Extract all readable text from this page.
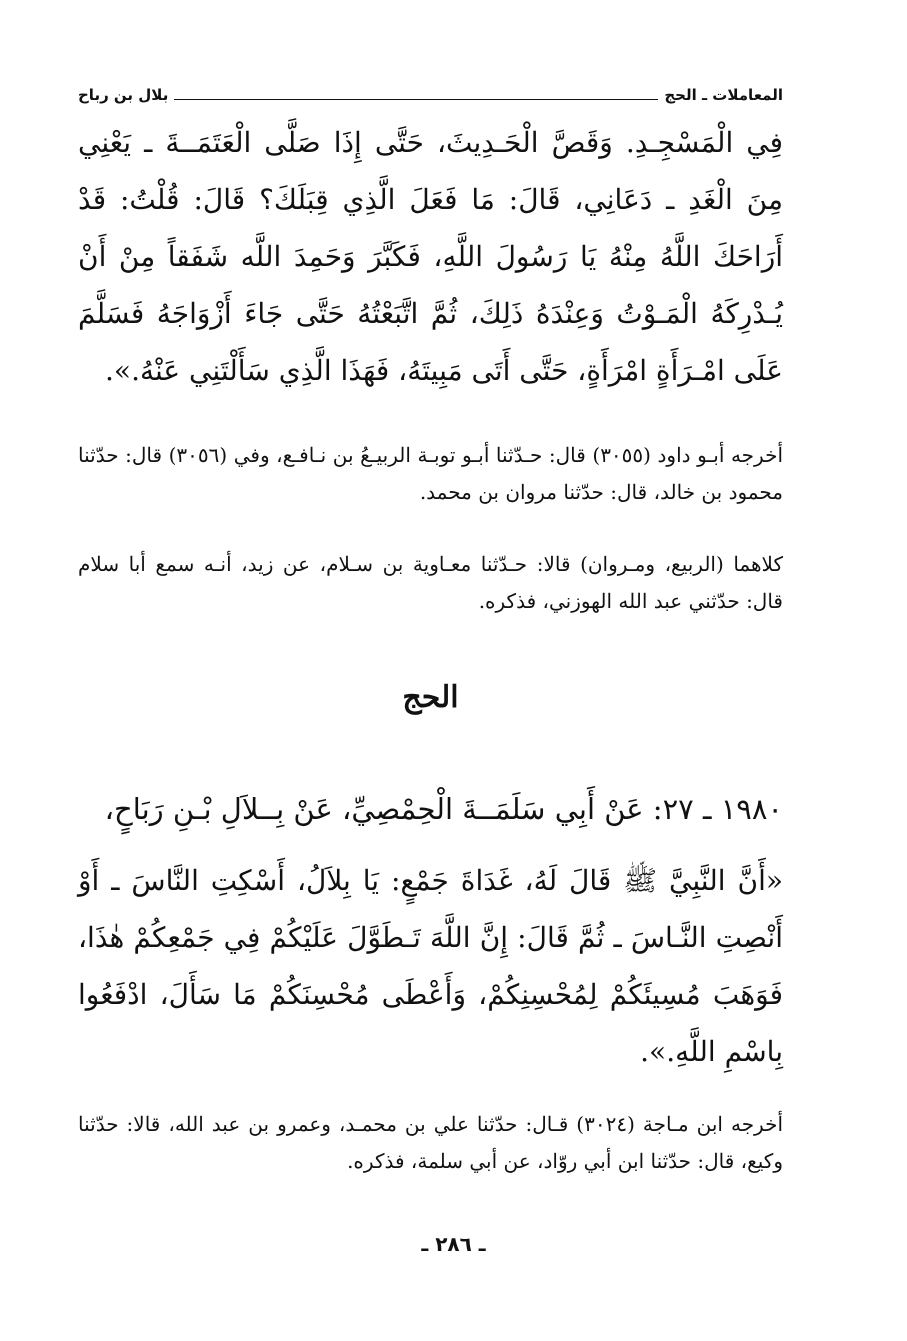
المعاملات ـ الحج
بلال بن رباح

فِي الْمَسْجِـدِ. وَقَصَّ الْحَـدِيثَ، حَتَّى إِذَا صَلَّى الْعَتَمَــةَ ـ يَعْنِي مِنَ الْغَدِ ـ دَعَانِي، قَالَ: مَا فَعَلَ الَّذِي قِبَلَكَ؟ قَالَ: قُلْتُ: قَدْ أَرَاحَكَ اللَّهُ مِنْهُ يَا رَسُولَ اللَّهِ، فَكَبَّرَ وَحَمِدَ اللَّه شَفَقاً مِنْ أَنْ يُـدْرِكَهُ الْمَـوْتُ وَعِنْدَهُ ذَلِكَ، ثُمَّ اتَّبَعْتُهُ حَتَّى جَاءَ أَزْوَاجَهُ فَسَلَّمَ عَلَى امْـرَأَةٍ امْرَأَةٍ، حَتَّى أَتَى مَبِيتَهُ، فَهَذَا الَّذِي سَأَلْتَنِي عَنْهُ.».

أخرجه أبـو داود (٣٠٥٥) قال: حـدّثنا أبـو توبـة الربيـعُ بن نـافـع، وفي (٣٠٥٦) قال: حدّثنا محمود بن خالد، قال: حدّثنا مروان بن محمد.

كلاهما (الربيع، ومـروان) قالا: حـدّثنا معـاوية بن سـلام، عن زيد، أنـه سمع أبا سلام قال: حدّثني عبد الله الهوزني، فذكره.

الحج

١٩٨٠ ـ ٢٧: عَنْ أَبِي سَلَمَــةَ الْحِمْصِيِّ، عَنْ بِــلاَلِ بْـنِ رَبَاحٍ،

«أَنَّ النَّبِيَّ ﷺ قَالَ لَهُ، غَدَاةَ جَمْعٍ: يَا بِلاَلُ، أَسْكِتِ النَّاسَ ـ أَوْ أَنْصِتِ النَّـاسَ ـ ثُمَّ قَالَ: إِنَّ اللَّهَ تَـطَوَّلَ عَلَيْكُمْ فِي جَمْعِكُمْ هٰذَا، فَوَهَبَ مُسِيئَكُمْ لِمُحْسِنِكُمْ، وَأَعْطَى مُحْسِنَكُمْ مَا سَأَلَ، ادْفَعُوا بِاسْمِ اللَّهِ.».

أخرجه ابن مـاجة (٣٠٢٤) قـال: حدّثنا علي بن محمـد، وعمرو بن عبد الله، قالا: حدّثنا وكيع، قال: حدّثنا ابن أبي روّاد، عن أبي سلمة، فذكره.

ـ ٢٨٦ ـ
